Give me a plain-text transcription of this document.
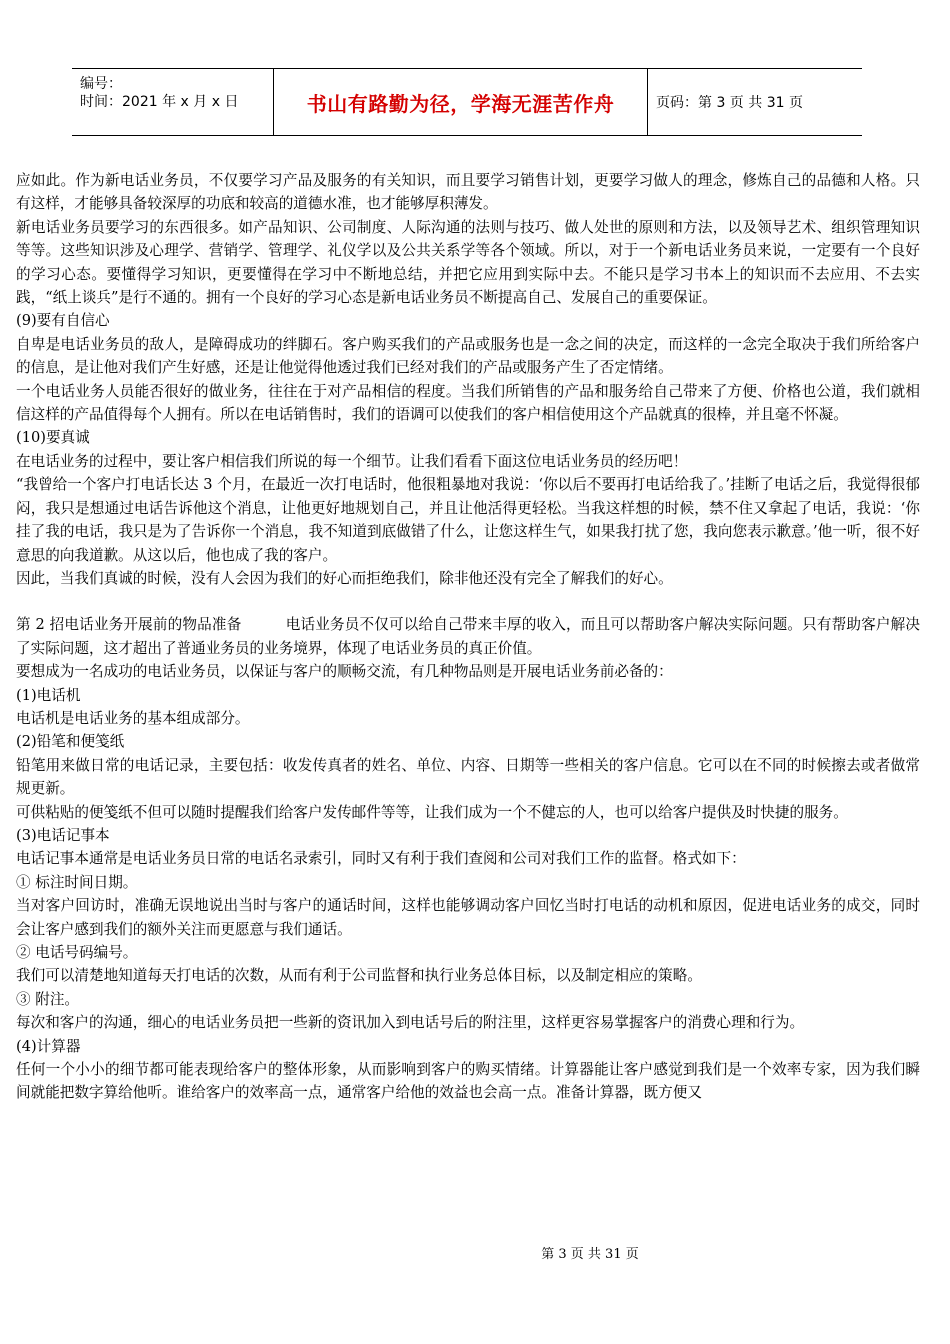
编号：
时间：2021 年 x 月 x 日	书山有路勤为径，学海无涯苦作舟	页码：第 3 页 共 31 页

应如此。作为新电话业务员，不仅要学习产品及服务的有关知识，而且要学习销售计划，更要学习做人的理念，修炼自己的品德和人格。只有这样，才能够具备较深厚的功底和较高的道德水准，也才能够厚积薄发。

新电话业务员要学习的东西很多。如产品知识、公司制度、人际沟通的法则与技巧、做人处世的原则和方法，以及领导艺术、组织管理知识等等。这些知识涉及心理学、营销学、管理学、礼仪学以及公共关系学等各个领域。所以，对于一个新电话业务员来说，一定要有一个良好的学习心态。要懂得学习知识，更要懂得在学习中不断地总结，并把它应用到实际中去。不能只是学习书本上的知识而不去应用、不去实践，“纸上谈兵”是行不通的。拥有一个良好的学习心态是新电话业务员不断提高自己、发展自己的重要保证。

(9)要有自信心

自卑是电话业务员的敌人，是障碍成功的绊脚石。客户购买我们的产品或服务也是一念之间的决定，而这样的一念完全取决于我们所给客户的信息，是让他对我们产生好感，还是让他觉得他透过我们已经对我们的产品或服务产生了否定情绪。

一个电话业务人员能否很好的做业务，往往在于对产品相信的程度。当我们所销售的产品和服务给自己带来了方便、价格也公道，我们就相信这样的产品值得每个人拥有。所以在电话销售时，我们的语调可以使我们的客户相信使用这个产品就真的很棒，并且毫不怀凝。

(10)要真诚

在电话业务的过程中，要让客户相信我们所说的每一个细节。让我们看看下面这位电话业务员的经历吧！

“我曾给一个客户打电话长达 3 个月，在最近一次打电话时，他很粗暴地对我说：‘你以后不要再打电话给我了。’挂断了电话之后，我觉得很郁闷，我只是想通过电话告诉他这个消息，让他更好地规划自己，并且让他活得更轻松。当我这样想的时候，禁不住又拿起了电话，我说：‘你挂了我的电话，我只是为了告诉你一个消息，我不知道到底做错了什么，让您这样生气，如果我打扰了您，我向您表示歉意。’他一听，很不好意思的向我道歉。从这以后，他也成了我的客户。

因此，当我们真诚的时候，没有人会因为我们的好心而拒绝我们，除非他还没有完全了解我们的好心。

第 2 招电话业务开展前的物品准备　　　电话业务员不仅可以给自己带来丰厚的收入，而且可以帮助客户解决实际问题。只有帮助客户解决了实际问题，这才超出了普通业务员的业务境界，体现了电话业务员的真正价值。

要想成为一名成功的电话业务员，以保证与客户的顺畅交流，有几种物品则是开展电话业务前必备的：

(1)电话机

电话机是电话业务的基本组成部分。

(2)铅笔和便笺纸

铅笔用来做日常的电话记录，主要包括：收发传真者的姓名、单位、内容、日期等一些相关的客户信息。它可以在不同的时候擦去或者做常规更新。

可供粘贴的便笺纸不但可以随时提醒我们给客户发传邮件等等，让我们成为一个不健忘的人，也可以给客户提供及时快捷的服务。

(3)电话记事本

电话记事本通常是电话业务员日常的电话名录索引，同时又有利于我们查阅和公司对我们工作的监督。格式如下：

① 标注时间日期。

当对客户回访时，准确无误地说出当时与客户的通话时间，这样也能够调动客户回忆当时打电话的动机和原因，促进电话业务的成交，同时会让客户感到我们的额外关注而更愿意与我们通话。

② 电话号码编号。

我们可以清楚地知道每天打电话的次数，从而有利于公司监督和执行业务总体目标，以及制定相应的策略。

③ 附注。

每次和客户的沟通，细心的电话业务员把一些新的资讯加入到电话号后的附注里，这样更容易掌握客户的消费心理和行为。

(4)计算器

任何一个小小的细节都可能表现给客户的整体形象，从而影响到客户的购买情绪。计算器能让客户感觉到我们是一个效率专家，因为我们瞬间就能把数字算给他听。谁给客户的效率高一点，通常客户给他的效益也会高一点。准备计算器，既方便又

第 3 页 共 31 页
